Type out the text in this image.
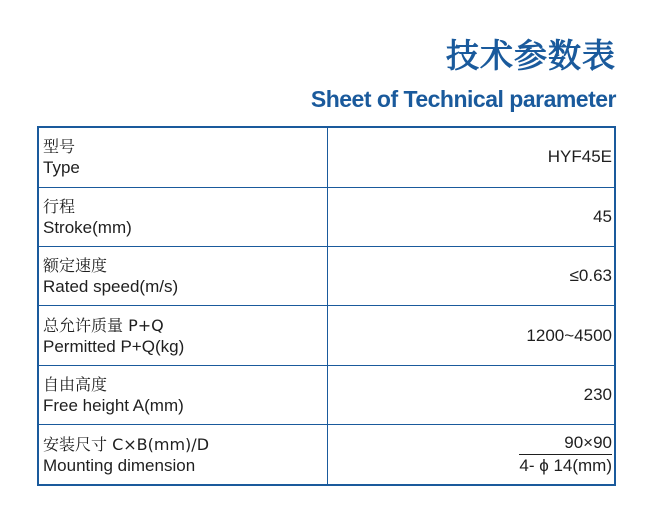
技术参数表
Sheet of Technical parameter
型号
Type	HYF45E

行程
Stroke(mm)	45

额定速度
Rated speed(m/s)	≤0.63

总允许质量 P+Q
Permitted P+Q(kg)	1200~4500

自由高度
Free height A(mm)	230

安装尺寸 C×B(mm)/D
Mounting dimension	$\frac{90\times 90}{4- \phi 14(mm)}$
